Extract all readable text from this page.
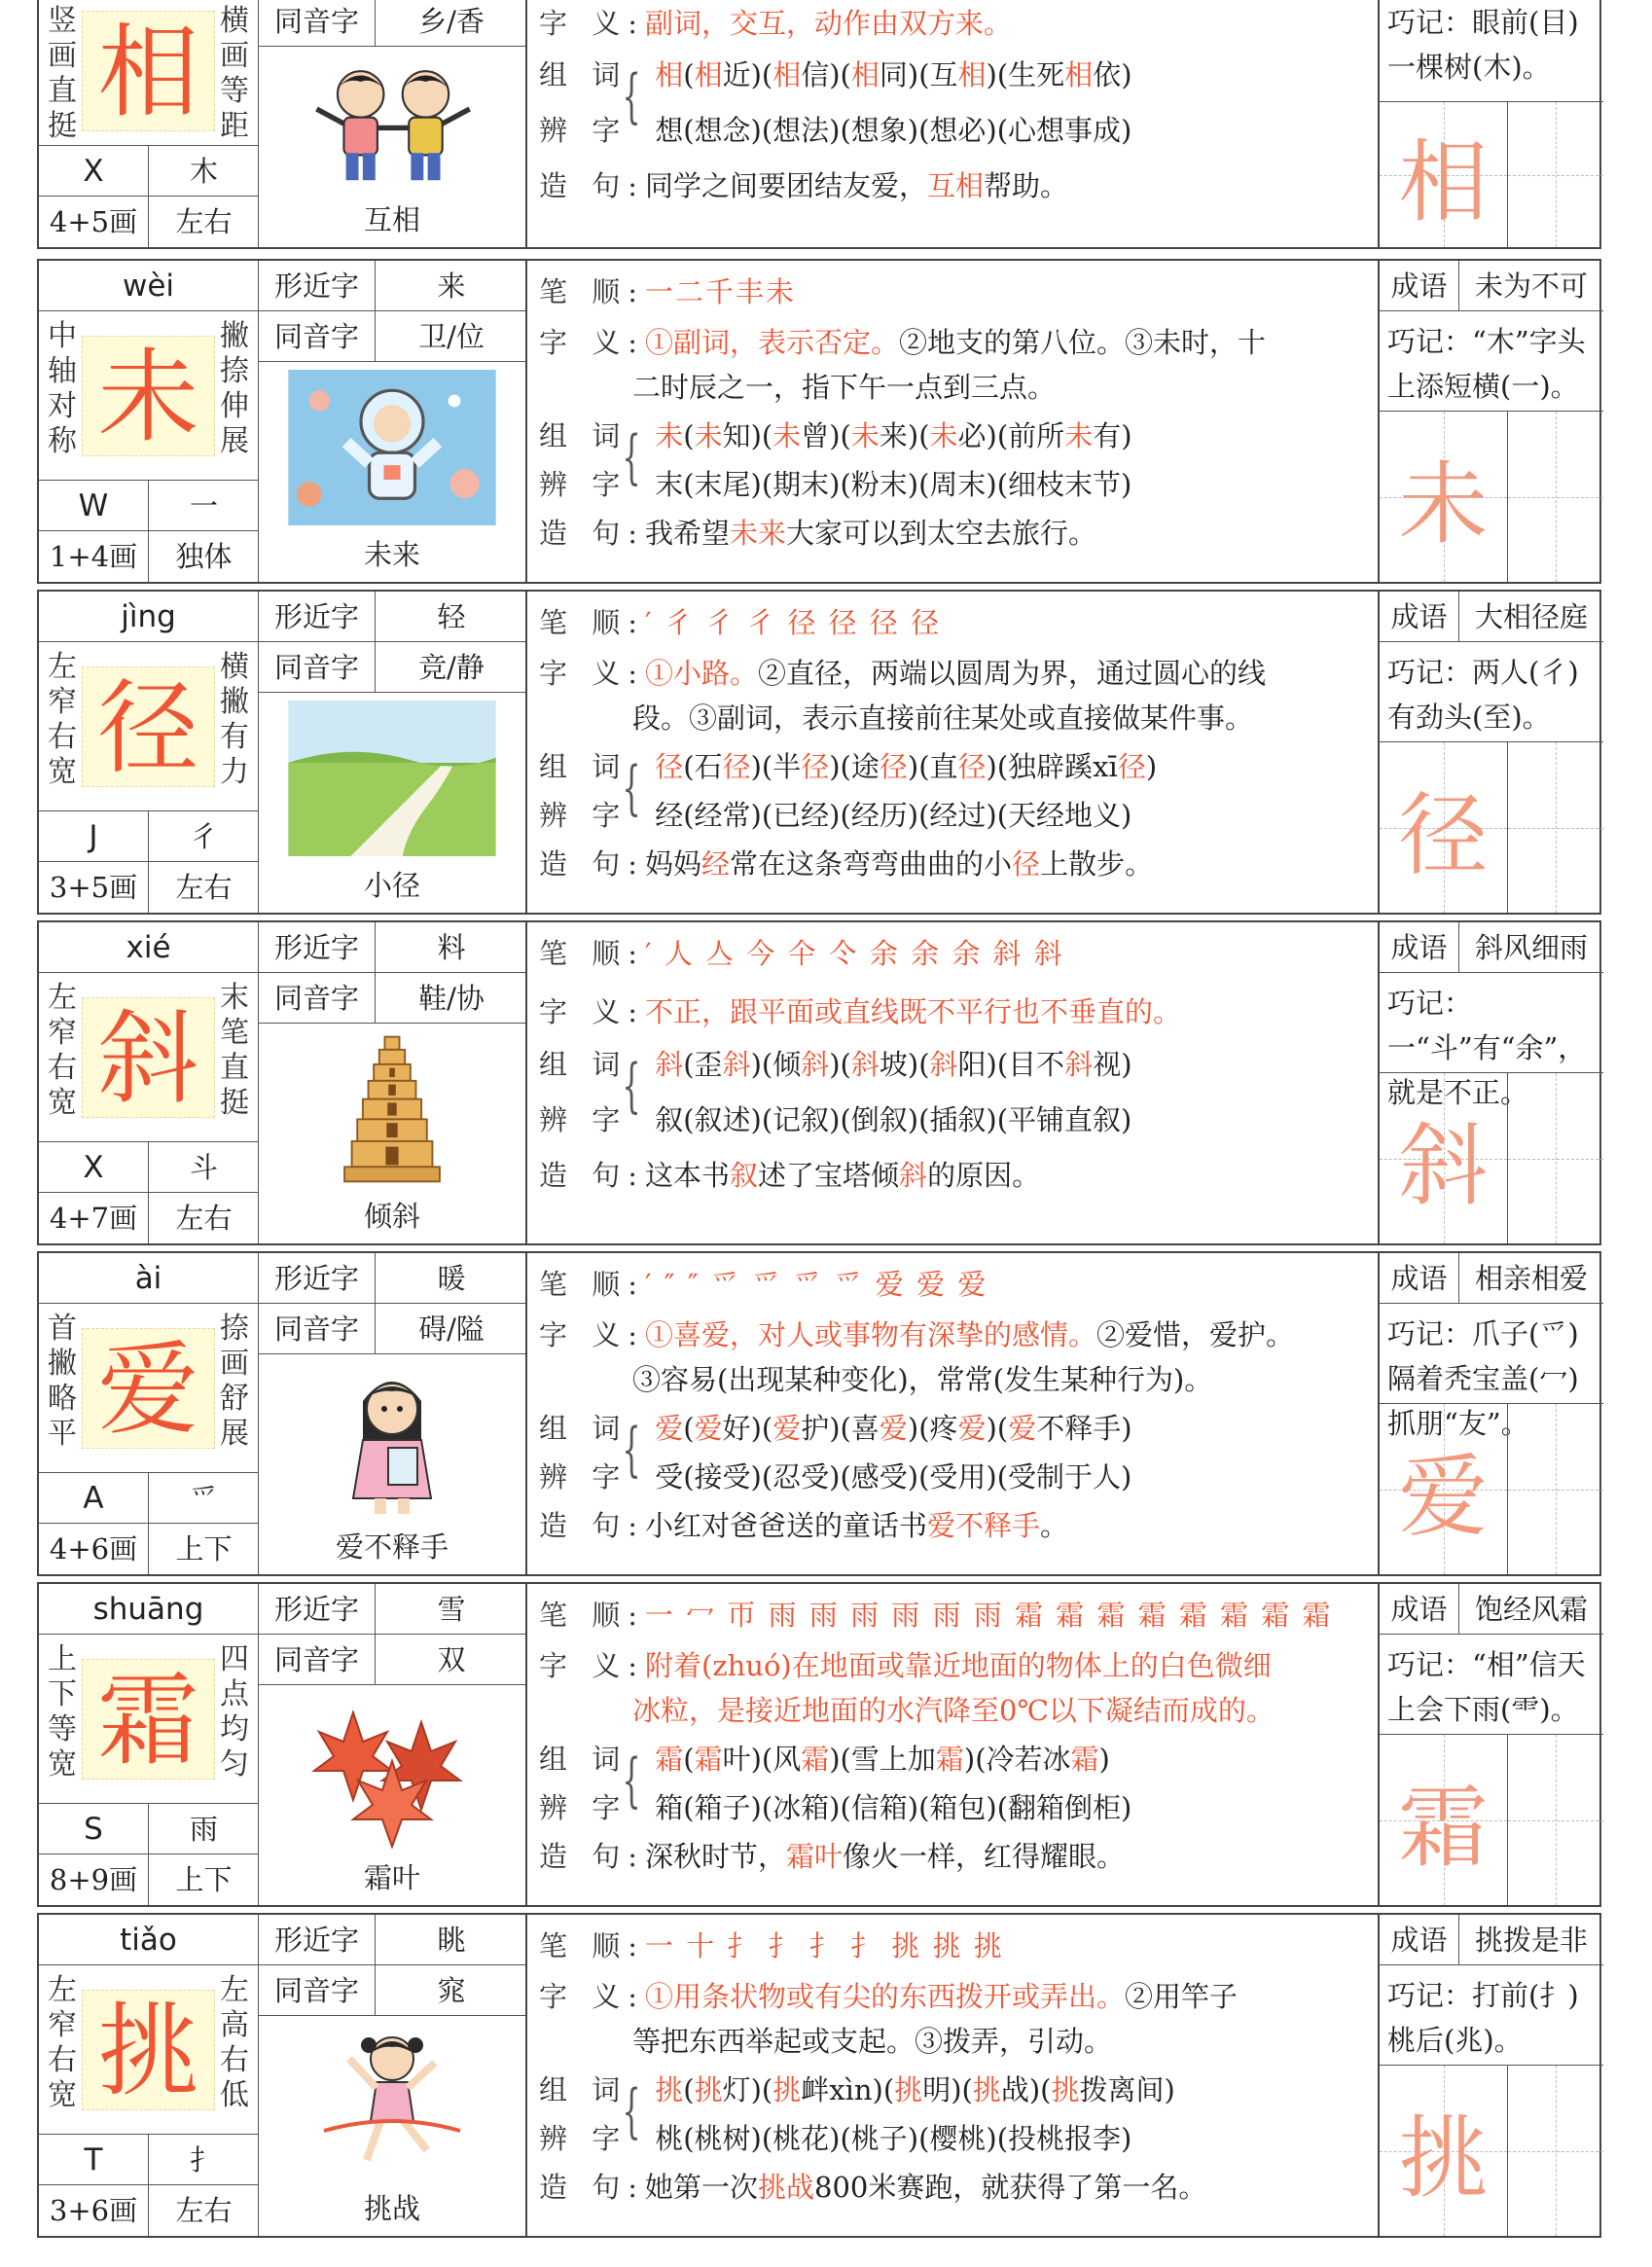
竖画直挺
横画等距
相
X	木
4+5画	左右
同音字	乡/香
互相
字 义:副词，交互，动作由双方来。
组 词 相(相近)(相信)(相同)(互相)(生死相依)
{
辨 字 想(想念)(想法)(想象)(想必)(心想事成)
造 句:同学之间要团结友爱，互相帮助。
巧记：眼前(目)一棵树(木)。
相
wèi
中轴对称
撇捺伸展
未
W	一
1+4画	独体
形近字	来
同音字	卫/位
未来
笔 顺:一二千丰未
字 义:①副词，表示否定。②地支的第八位。③未时，十
二时辰之一，指下午一点到三点。
组 词 未(未知)(未曾)(未来)(未必)(前所未有)
{
辨 字 末(末尾)(期末)(粉末)(周末)(细枝末节)
造 句:我希望未来大家可以到太空去旅行。
成语 未为不可
巧记：“木”字头上添短横(一)。
未
jìng
左窄右宽
横撇有力
径
J	彳
3+5画	左右
形近字	轻
同音字	竞/静
小径
笔 顺:′ 彳 彳 彳 径 径 径 径
字 义:①小路。②直径，两端以圆周为界，通过圆心的线
段。③副词，表示直接前往某处或直接做某件事。
组 词 径(石径)(半径)(途径)(直径)(独辟蹊xī径)
{
辨 字 经(经常)(已经)(经历)(经过)(天经地义)
造 句:妈妈经常在这条弯弯曲曲的小径上散步。
成语 大相径庭
巧记：两人(彳)有劲头(至)。
径
xié
左窄右宽
末笔直挺
斜
X	斗
4+7画	左右
形近字	料
同音字	鞋/协
倾斜
笔 顺:′ 人 亼 今 仐 仒 余 余 余 斜 斜
字 义:不正，跟平面或直线既不平行也不垂直的。
组 词 斜(歪斜)(倾斜)(斜坡)(斜阳)(目不斜视)
{
辨 字 叙(叙述)(记叙)(倒叙)(插叙)(平铺直叙)
造 句:这本书叙述了宝塔倾斜的原因。
成语 斜风细雨
巧记：一“斗”有“余”，就是不正。
斜
ài
首撇略平
捺画舒展
爱
A	爫
4+6画	上下
形近字	暖
同音字	碍/隘
爱不释手
笔 顺:′ ″ ″ 爫 爫 爫 爫 爱 爱 爱
字 义:①喜爱，对人或事物有深挚的感情。②爱惜，爱护。
③容易(出现某种变化)，常常(发生某种行为)。
组 词 爱(爱好)(爱护)(喜爱)(疼爱)(爱不释手)
{
辨 字 受(接受)(忍受)(感受)(受用)(受制于人)
造 句:小红对爸爸送的童话书爱不释手。
成语 相亲相爱
巧记：爪子(爫)隔着秃宝盖(冖)抓朋“友”。
爱
shuāng
上下等宽
四点均匀
霜
S	雨
8+9画	上下
形近字	雪
同音字	双
霜叶
笔 顺:一 冖 帀 雨 雨 雨 雨 雨 雨 霜 霜 霜 霜 霜 霜 霜 霜
字 义:附着(zhuó)在地面或靠近地面的物体上的白色微细
冰粒，是接近地面的水汽降至0℃以下凝结而成的。
组 词 霜(霜叶)(风霜)(雪上加霜)(冷若冰霜)
{
辨 字 箱(箱子)(冰箱)(信箱)(箱包)(翻箱倒柜)
造 句:深秋时节，霜叶像火一样，红得耀眼。
成语 饱经风霜
巧记：“相”信天上会下雨(⻗)。
霜
tiǎo
左窄右宽
左高右低
挑
T	扌
3+6画	左右
形近字	眺
同音字	窕
挑战
笔 顺:一 十 扌 扌 扌 扌 挑 挑 挑
字 义:①用条状物或有尖的东西拨开或弄出。②用竿子
等把东西举起或支起。③拨弄，引动。
组 词 挑(挑灯)(挑衅xìn)(挑明)(挑战)(挑拨离间)
{
辨 字 桃(桃树)(桃花)(桃子)(樱桃)(投桃报李)
造 句:她第一次挑战800米赛跑，就获得了第一名。
成语 挑拨是非
巧记：打前(扌)桃后(兆)。
挑
